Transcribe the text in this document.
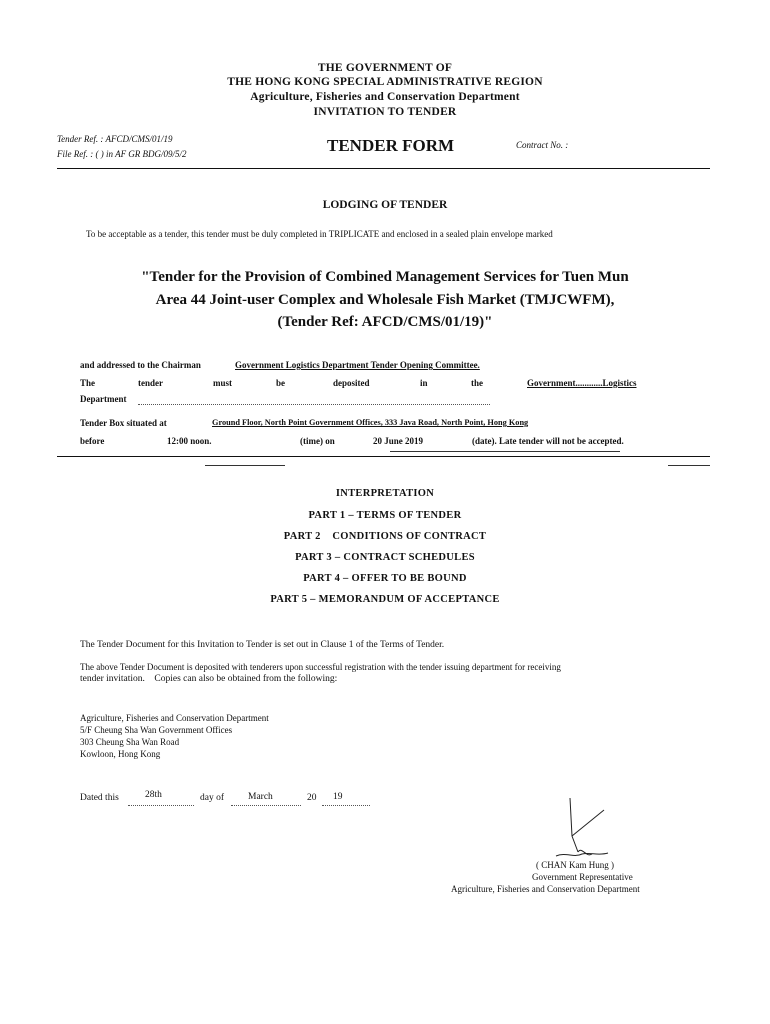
THE GOVERNMENT OF
THE HONG KONG SPECIAL ADMINISTRATIVE REGION
Agriculture, Fisheries and Conservation Department
INVITATION TO TENDER
Tender Ref. : AFCD/CMS/01/19
File Ref. : ( ) in AF GR BDG/09/5/2	TENDER FORM	Contract No. :
LODGING OF TENDER
To be acceptable as a tender, this tender must be duly completed in TRIPLICATE and enclosed in a sealed plain envelope marked
"Tender for the Provision of Combined Management Services for Tuen Mun
Area 44 Joint-user Complex and Wholesale Fish Market (TMJCWFM),
(Tender Ref: AFCD/CMS/01/19)"
and addressed to the Chairman	Government Logistics Department Tender Opening Committee.
The	tender	must	be	deposited	in	the	Government............Logistics
Department
Tender Box situated at	Ground Floor, North Point Government Offices, 333 Java Road, North Point, Hong Kong
before	12:00 noon.	(time) on	20 June 2019	(date). Late tender will not be accepted.
INTERPRETATION
PART 1 – TERMS OF TENDER
PART 2    CONDITIONS OF CONTRACT
PART 3 – CONTRACT SCHEDULES
PART 4 – OFFER TO BE BOUND
PART 5 – MEMORANDUM OF ACCEPTANCE
The Tender Document for this Invitation to Tender is set out in Clause 1 of the Terms of Tender.
The above Tender Document is deposited with tenderers upon successful registration with the tender issuing department for receiving
tender invitation.    Copies can also be obtained from the following:
Agriculture, Fisheries and Conservation Department
5/F Cheung Sha Wan Government Offices
303 Cheung Sha Wan Road
Kowloon, Hong Kong
Dated this	28th	day of	March	20 19
( CHAN Kam Hung )
Government Representative
Agriculture, Fisheries and Conservation Department
